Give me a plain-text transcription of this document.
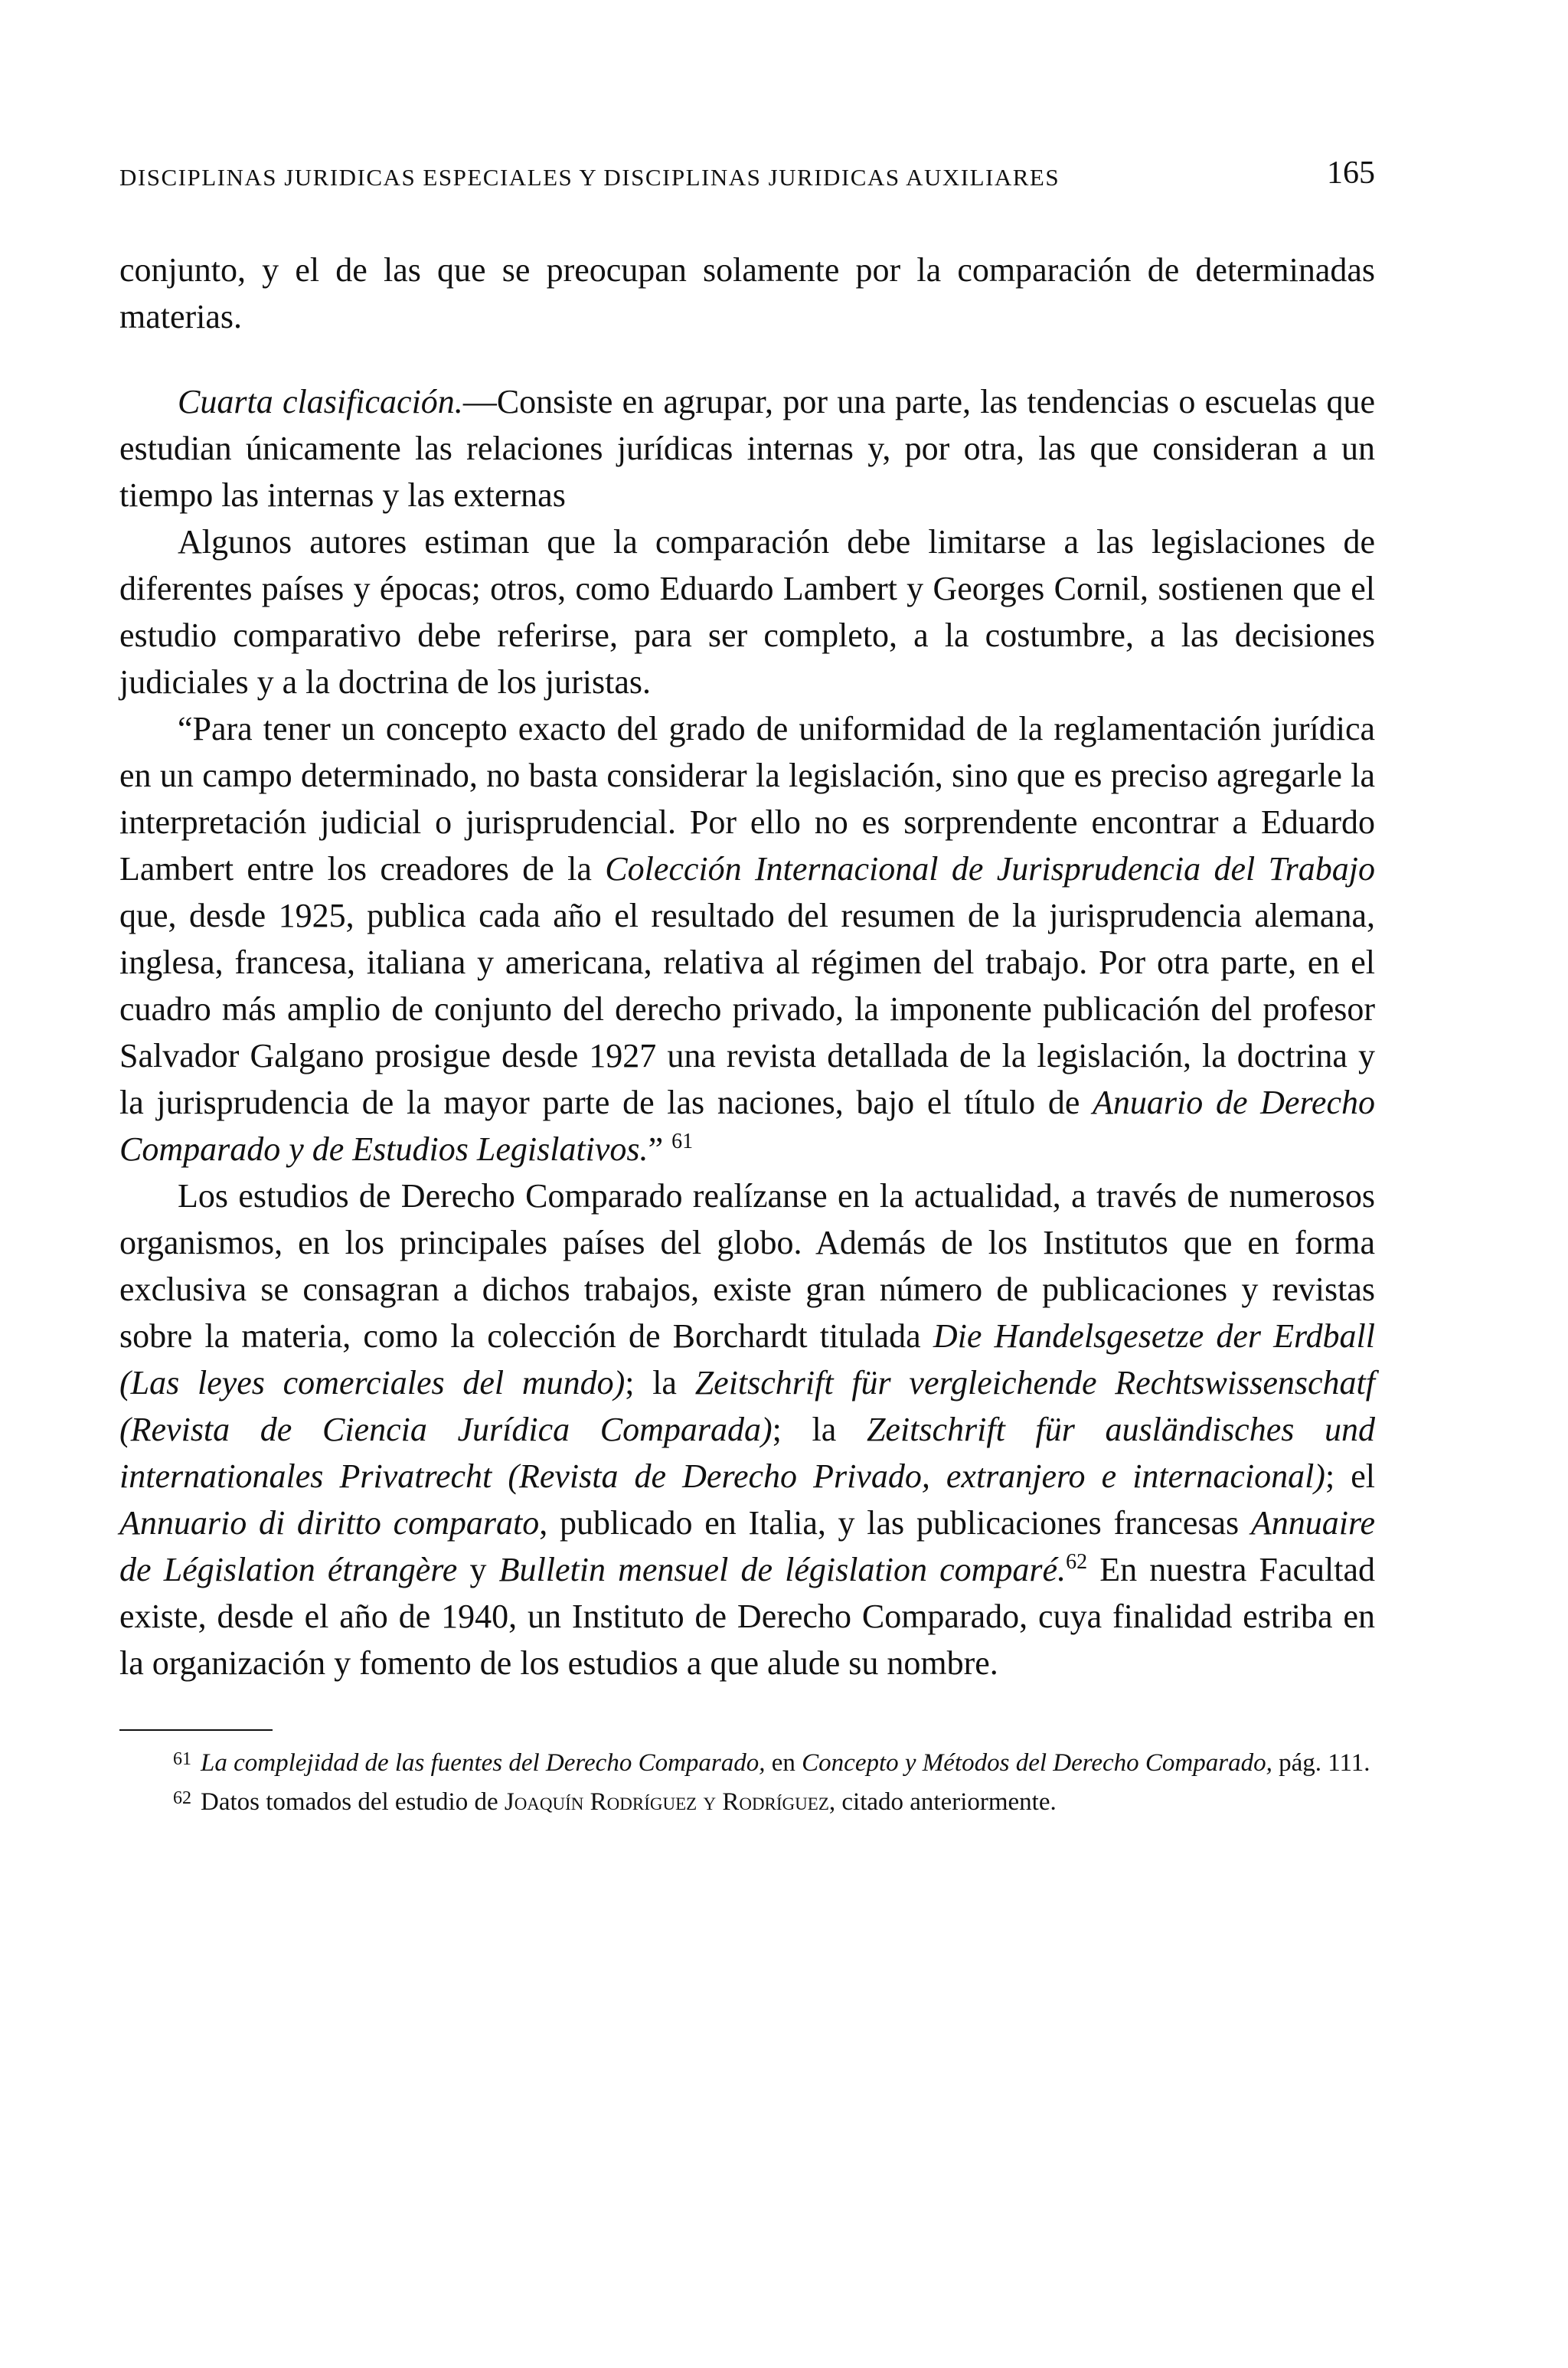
DISCIPLINAS JURIDICAS ESPECIALES Y DISCIPLINAS JURIDICAS AUXILIARES	165

conjunto, y el de las que se preocupan solamente por la comparación de determinadas materias.

Cuarta clasificación.—Consiste en agrupar, por una parte, las tendencias o escuelas que estudian únicamente las relaciones jurídicas internas y, por otra, las que consideran a un tiempo las internas y las externas

Algunos autores estiman que la comparación debe limitarse a las legislaciones de diferentes países y épocas; otros, como Eduardo Lambert y Georges Cornil, sostienen que el estudio comparativo debe referirse, para ser completo, a la costumbre, a las decisiones judiciales y a la doctrina de los juristas.

“Para tener un concepto exacto del grado de uniformidad de la reglamentación jurídica en un campo determinado, no basta considerar la legislación, sino que es preciso agregarle la interpretación judicial o jurisprudencial. Por ello no es sorprendente encontrar a Eduardo Lambert entre los creadores de la Colección Internacional de Jurisprudencia del Trabajo que, desde 1925, publica cada año el resultado del resumen de la jurisprudencia alemana, inglesa, francesa, italiana y americana, relativa al régimen del trabajo. Por otra parte, en el cuadro más amplio de conjunto del derecho privado, la imponente publicación del profesor Salvador Galgano prosigue desde 1927 una revista detallada de la legislación, la doctrina y la jurisprudencia de la mayor parte de las naciones, bajo el título de Anuario de Derecho Comparado y de Estudios Legislativos.” $^{61}$

Los estudios de Derecho Comparado realízanse en la actualidad, a través de numerosos organismos, en los principales países del globo. Además de los Institutos que en forma exclusiva se consagran a dichos trabajos, existe gran número de publicaciones y revistas sobre la materia, como la colección de Borchardt titulada Die Handelsgesetze der Erdball (Las leyes comerciales del mundo); la Zeitschrift für vergleichende Rechtswissenschatf (Revista de Ciencia Jurídica Comparada); la Zeitschrift für ausländisches und internationales Privatrecht (Revista de Derecho Privado, extranjero e internacional); el Annuario di diritto comparato, publicado en Italia, y las publicaciones francesas Annuaire de Législation étrangère y Bulletin mensuel de législation comparé.$^{62}$ En nuestra Facultad existe, desde el año de 1940, un Instituto de Derecho Comparado, cuya finalidad estriba en la organización y fomento de los estudios a que alude su nombre.

$^{61}$ La complejidad de las fuentes del Derecho Comparado, en Concepto y Métodos del Derecho Comparado, pág. 111.

$^{62}$ Datos tomados del estudio de Joaquín Rodríguez y Rodríguez, citado anteriormente.
